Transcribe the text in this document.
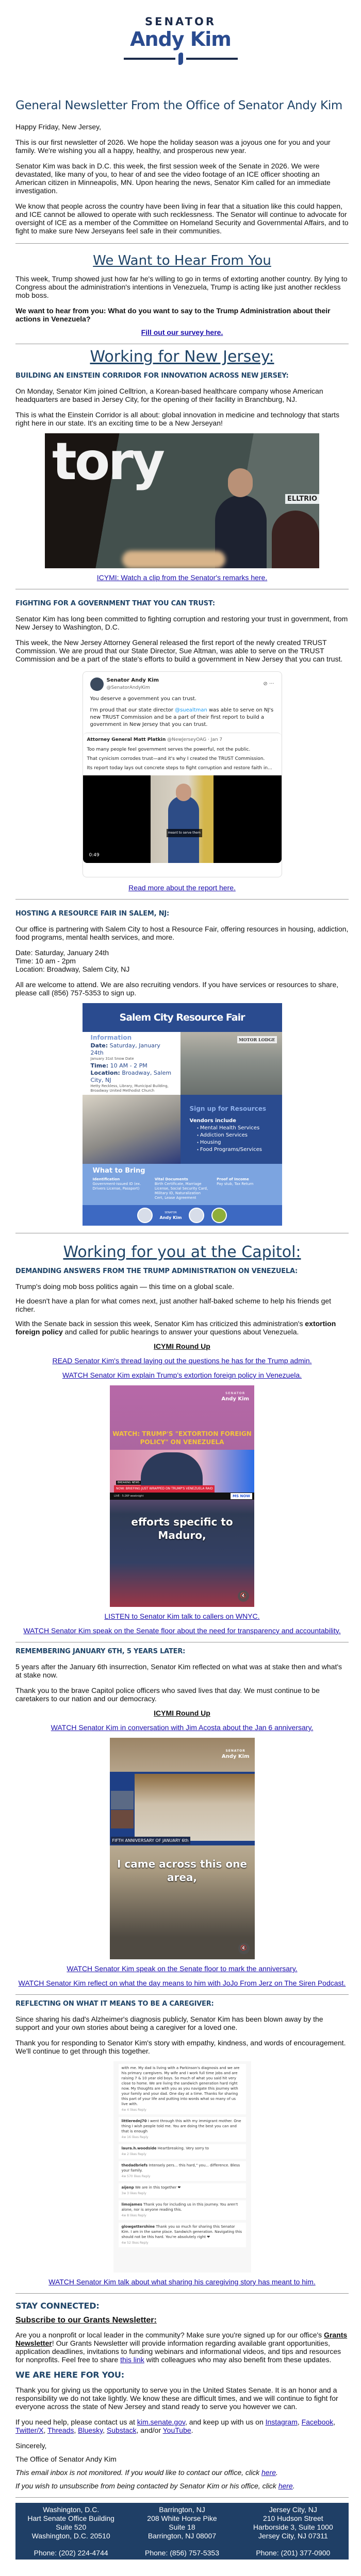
SENATOR
Andy Kim
General Newsletter From the Office of Senator Andy Kim

Happy Friday, New Jersey,

This is our first newsletter of 2026. We hope the holiday season was a joyous one for you and your family. We're wishing you all a happy, healthy, and prosperous new year.

Senator Kim was back in D.C. this week, the first session week of the Senate in 2026. We were devastated, like many of you, to hear of and see the video footage of an ICE officer shooting an American citizen in Minneapolis, MN. Upon hearing the news, Senator Kim called for an immediate investigation.

We know that people across the country have been living in fear that a situation like this could happen, and ICE cannot be allowed to operate with such recklessness. The Senator will continue to advocate for oversight of ICE as a member of the Committee on Homeland Security and Governmental Affairs, and to fight to make sure New Jerseyans feel safe in their communities.

We Want to Hear From You

This week, Trump showed just how far he's willing to go in terms of extorting another country. By lying to Congress about the administration's intentions in Venezuela, Trump is acting like just another reckless mob boss.

We want to hear from you: What do you want to say to the Trump Administration about their actions in Venezuela?

Fill out our survey here.
Working for New Jersey:
BUILDING AN EINSTEIN CORRIDOR FOR INNOVATION ACROSS NEW JERSEY:

On Monday, Senator Kim joined Celltrion, a Korean-based healthcare company whose American headquarters are based in Jersey City, for the opening of their facility in Branchburg, NJ.

This is what the Einstein Corridor is all about: global innovation in medicine and technology that starts right here in our state. It's an exciting time to be a New Jerseyan!

tory
ELLTRIO
ICYMI: Watch a clip from the Senator's remarks here.
FIGHTING FOR A GOVERNMENT THAT YOU CAN TRUST:

Senator Kim has long been committed to fighting corruption and restoring your trust in government, from New Jersey to Washington, D.C.

This week, the New Jersey Attorney General released the first report of the newly created TRUST Commission. We are proud that our State Director, Sue Altman, was able to serve on the TRUST Commission and be a part of the state's efforts to build a government in New Jersey that you can trust.

Senator Andy Kim
@SenatorAndyKim
⊘ ···

You deserve a government you can trust.

I'm proud that our state director @suealtman was able to serve on NJ's new TRUST Commission and be a part of their first report to build a government in New Jersey that you can trust.

Attorney General Matt Platkin @NewJerseyOAG · Jan 7

Too many people feel government serves the powerful, not the public.

That cynicism corrodes trust—and it's why I created the TRUST Commission.

Its report today lays out concrete steps to fight corruption and restore faith in...

meant to serve them
0:49
Read more about the report here.
HOSTING A RESOURCE FAIR IN SALEM, NJ:

Our office is partnering with Salem City to host a Resource Fair, offering resources in housing, addiction, food programs, mental health services, and more.

Date: Saturday, January 24th
Time: 10 am - 2pm
Location: Broadway, Salem City, NJ

All are welcome to attend. We are also recruiting vendors. If you have services or resources to share, please call (856) 757-5353 to sign up.

Salem City Resource Fair
Information
Date: Saturday, January 24th
January 31st Snow Date
Time: 10 AM - 2 PM
Location: Broadway, Salem City, NJ
Hetty Reckless, Library, Municipal Building, Broadway United Methodist Church
MOTOR LODGE
Sign up for Resources
Vendors include
• Mental Health Services
• Addiction Services
• Housing
• Food Programs/Services
What to Bring
Identification
Government-issued ID (ex. Drivers License, Passport)
Vital Documents
Birth Certificate, Marriage License, Social Security Card, Military ID, Naturalization Cert, Lease Agreement
Proof of Income
Pay stub, Tax Return
SENATOR
Andy Kim
Working for you at the Capitol:
DEMANDING ANSWERS FROM THE TRUMP ADMINISTRATION ON VENEZUELA:

Trump's doing mob boss politics again — this time on a global scale.

He doesn't have a plan for what comes next, just another half-baked scheme to help his friends get richer.

With the Senate back in session this week, Senator Kim has criticized this administration's extortion foreign policy and called for public hearings to answer your questions about Venezuela.

ICYMI Round Up
READ Senator Kim's thread laying out the questions he has for the Trump admin.
WATCH Senator Kim explain Trump's extortion foreign policy in Venezuela.
SENATOR
Andy Kim
WATCH: TRUMP'S "EXTORTION FOREIGN POLICY" ON VENEZUELA
BREAKING NEWS
NOW: BRIEFING JUST WRAPPED ON TRUMP'S VENEZUELA RAID
LIVE · 5:26P weeknight	MS NOW
efforts specific to Maduro,
🔇
LISTEN to Senator Kim talk to callers on WNYC.
WATCH Senator Kim speak on the Senate floor about the need for transparency and accountability.
REMEMBERING JANUARY 6TH, 5 YEARS LATER:

5 years after the January 6th insurrection, Senator Kim reflected on what was at stake then and what's at stake now.

Thank you to the brave Capitol police officers who saved lives that day. We must continue to be caretakers to our nation and our democracy.

ICYMI Round Up
WATCH Senator Kim in conversation with Jim Acosta about the Jan 6 anniversary.
SENATOR
Andy Kim
FIFTH ANNIVERSARY OF JANUARY 6th
I came across this one area,
🔇
WATCH Senator Kim speak on the Senate floor to mark the anniversary.
WATCH Senator Kim reflect on what the day means to him with JoJo From Jerz on The Siren Podcast.
REFLECTING ON WHAT IT MEANS TO BE A CAREGIVER:

Since sharing his dad's Alzheimer's diagnosis publicly, Senator Kim has been blown away by the support and your own stories about being a caregiver for a loved one.

Thank you for responding to Senator Kim's story with empathy, kindness, and words of encouragement. We'll continue to get through this together.

with me. My dad is living with a Parkinson's diagnosis and we are his primary caregivers. My wife and I work full time jobs and are raising 7 & 10 year old boys. So much of what you said hit very close to home. We are living the sandwich generation hard right now. My thoughts are with you as you navigate this journey with your family and your dad. One day at a time. Thanks for sharing this part of your life and putting into words what so many of us live with.
4w 4 likes Reply
littlerednj70 I went through this with my immigrant mother. One thing I wish people told me. You are doing the best you can and that is enough
4w 16 likes Reply
laura.h.woodside Heartbreaking. Very sorry to
4w 2 likes Reply
thedadbriefs Intensely pers... this hard," you... difference. Bless your family.
4w 570 likes Reply
aijenp We are in this together ❤
3w 3 likes Reply
limojames Thank you for including us in this journey. You aren't alone, nor is anyone reading this.
4w 8 likes Reply
glowgettershine Thank you so much for sharing this Senator Kim. I am in the same place. Sandwich generation. Navigating this should not be this hard. You're absolutely right ❤
4w 52 likes Reply
WATCH Senator Kim talk about what sharing his caregiving story has meant to him.
STAY CONNECTED:
Subscribe to our Grants Newsletter:

Are you a nonprofit or local leader in the community? Make sure you're signed up for our office's Grants Newsletter! Our Grants Newsletter will provide information regarding available grant opportunities, application deadlines, invitations to funding webinars and informational videos, and tips and resources for nonprofits. Feel free to share this link with colleagues who may also benefit from these updates.

WE ARE HERE FOR YOU:

Thank you for giving us the opportunity to serve you in the United States Senate. It is an honor and a responsibility we do not take lightly. We know these are difficult times, and we will continue to fight for everyone across the state of New Jersey and stand ready to serve you however we can.

If you need help, please contact us at kim.senate.gov, and keep up with us on Instagram, Facebook, Twitter/X, Threads, Bluesky, Substack, and/or YouTube.

Sincerely,

The Office of Senator Andy Kim

This email inbox is not monitored. If you would like to contact our office, click here.

If you wish to unsubscribe from being contacted by Senator Kim or his office, click here.

Washington, D.C.
Hart Senate Office Building
Suite 520
Washington, D.C. 20510
Phone: (202) 224-4744
Barrington, NJ
208 White Horse Pike
Suite 18
Barrington, NJ 08007
Phone: (856) 757-5353
Jersey City, NJ
210 Hudson Street
Harborside 3, Suite 1000
Jersey City, NJ 07311
Phone: (201) 377-0900
